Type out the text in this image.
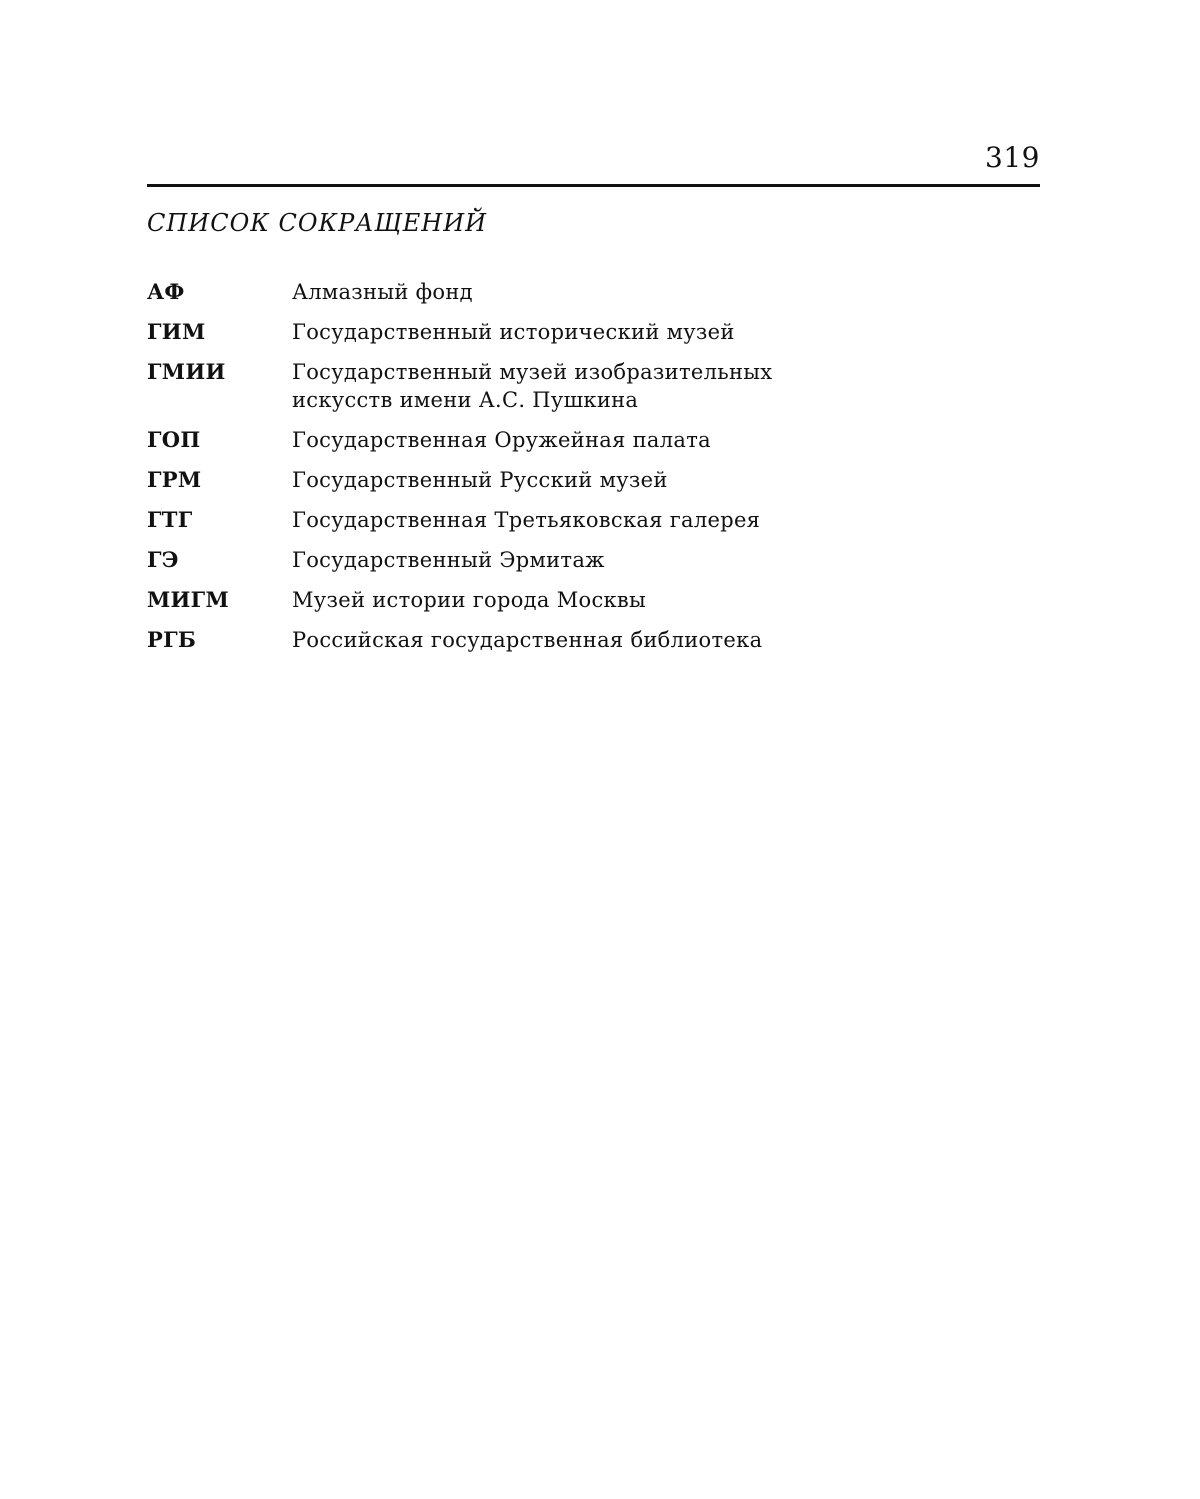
319
СПИСОК СОКРАЩЕНИЙ
АФ	Алмазный фонд
ГИМ	Государственный исторический музей
ГМИИ	Государственный музей изобразительных искусств имени А.С. Пушкина
ГОП	Государственная Оружейная палата
ГРМ	Государственный Русский музей
ГТГ	Государственная Третьяковская галерея
ГЭ	Государственный Эрмитаж
МИГМ	Музей истории города Москвы
РГБ	Российская государственная библиотека
